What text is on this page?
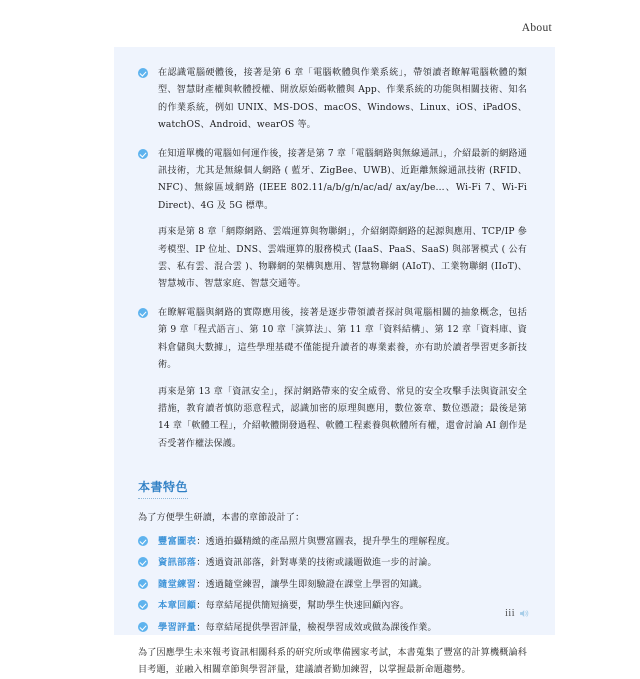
About

在認識電腦硬體後，接著是第 6 章「電腦軟體與作業系統」，帶領讀者瞭解電腦軟體的類型、智慧財產權與軟體授權、開放原始碼軟體與 App、作業系統的功能與相關技術、知名的作業系統，例如 UNIX、MS-DOS、macOS、Windows、Linux、iOS、iPadOS、watchOS、Android、wearOS 等。

在知道單機的電腦如何運作後，接著是第 7 章「電腦網路與無線通訊」，介紹最新的網路通訊技術，尤其是無線個人網路 ( 藍牙、ZigBee、UWB)、近距離無線通訊技術 (RFID、NFC)、無線區域網路 (IEEE 802.11/a/b/g/n/ac/ad/ ax/ay/be…、Wi-Fi 7、Wi-Fi Direct)、4G 及 5G 標準。

再來是第 8 章「網際網路、雲端運算與物聯網」，介紹網際網路的起源與應用、TCP/IP 參考模型、IP 位址、DNS、雲端運算的服務模式 (IaaS、PaaS、SaaS) 與部署模式 ( 公有雲、私有雲、混合雲 )、物聯網的架構與應用、智慧物聯網 (AIoT)、工業物聯網 (IIoT)、智慧城市、智慧家庭、智慧交通等。

在瞭解電腦與網路的實際應用後，接著是逐步帶領讀者探討與電腦相關的抽象概念，包括第 9 章「程式語言」、第 10 章「演算法」、第 11 章「資料結構」、第 12 章「資料庫、資料倉儲與大數據」，這些學理基礎不僅能提升讀者的專業素養，亦有助於讀者學習更多新技術。

再來是第 13 章「資訊安全」，探討網路帶來的安全威脅、常見的安全攻擊手法與資訊安全措施，教育讀者慎防惡意程式，認識加密的原理與應用，數位簽章、數位憑證；最後是第 14 章「軟體工程」，介紹軟體開發過程、軟體工程素養與軟體所有權，還會討論 AI 創作是否受著作權法保護。

本書特色

為了方便學生研讀，本書的章節設計了：

豐富圖表：透過拍攝精緻的產品照片與豐富圖表，提升學生的理解程度。
資訊部落：透過資訊部落，針對專業的技術或議題做進一步的討論。
隨堂練習：透過隨堂練習，讓學生即刻驗證在課堂上學習的知識。
本章回顧：每章結尾提供簡短摘要，幫助學生快速回顧內容。
學習評量：每章結尾提供學習評量，檢視學習成效或做為課後作業。

為了因應學生未來報考資訊相關科系的研究所或準備國家考試，本書蒐集了豐富的計算機概論科目考題，並融入相關章節與學習評量，建議讀者勤加練習，以掌握最新命題趨勢。

iii
